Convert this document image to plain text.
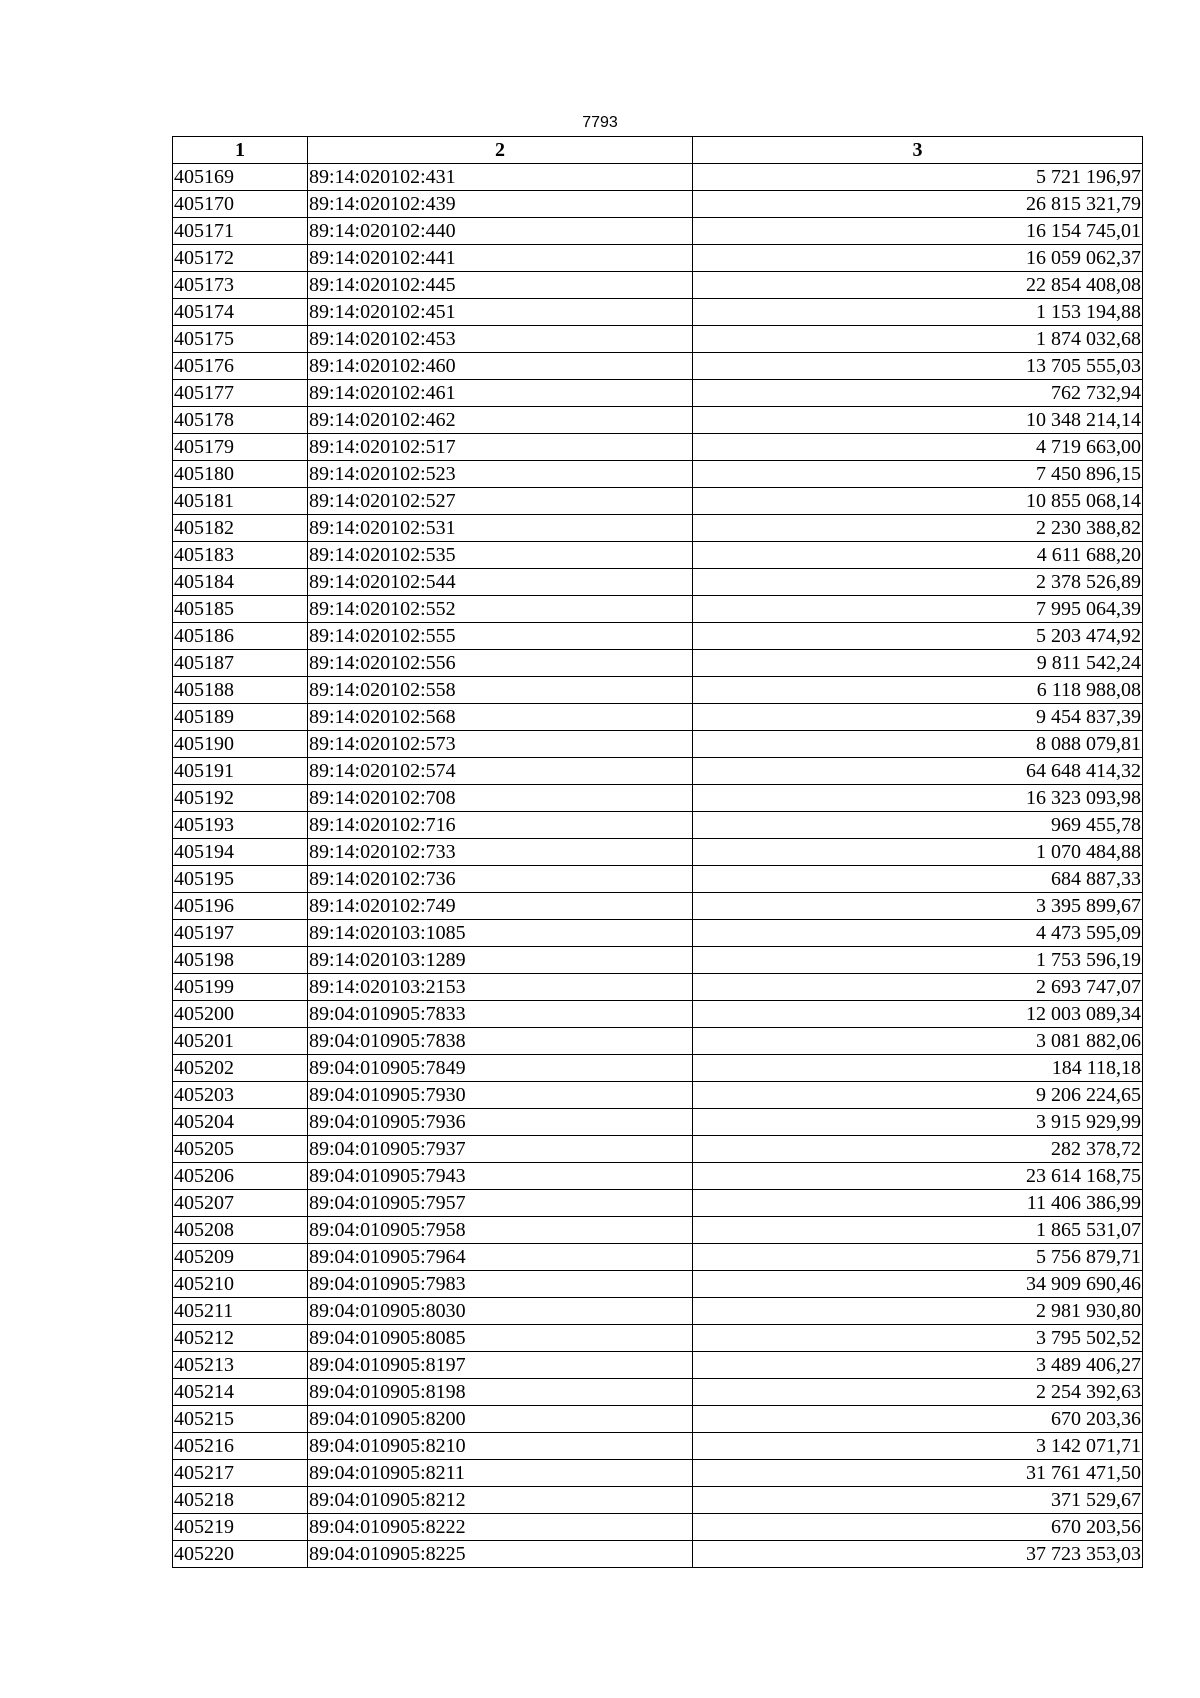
7793
1	2	3
405169	89:14:020102:431	5 721 196,97
405170	89:14:020102:439	26 815 321,79
405171	89:14:020102:440	16 154 745,01
405172	89:14:020102:441	16 059 062,37
405173	89:14:020102:445	22 854 408,08
405174	89:14:020102:451	1 153 194,88
405175	89:14:020102:453	1 874 032,68
405176	89:14:020102:460	13 705 555,03
405177	89:14:020102:461	762 732,94
405178	89:14:020102:462	10 348 214,14
405179	89:14:020102:517	4 719 663,00
405180	89:14:020102:523	7 450 896,15
405181	89:14:020102:527	10 855 068,14
405182	89:14:020102:531	2 230 388,82
405183	89:14:020102:535	4 611 688,20
405184	89:14:020102:544	2 378 526,89
405185	89:14:020102:552	7 995 064,39
405186	89:14:020102:555	5 203 474,92
405187	89:14:020102:556	9 811 542,24
405188	89:14:020102:558	6 118 988,08
405189	89:14:020102:568	9 454 837,39
405190	89:14:020102:573	8 088 079,81
405191	89:14:020102:574	64 648 414,32
405192	89:14:020102:708	16 323 093,98
405193	89:14:020102:716	969 455,78
405194	89:14:020102:733	1 070 484,88
405195	89:14:020102:736	684 887,33
405196	89:14:020102:749	3 395 899,67
405197	89:14:020103:1085	4 473 595,09
405198	89:14:020103:1289	1 753 596,19
405199	89:14:020103:2153	2 693 747,07
405200	89:04:010905:7833	12 003 089,34
405201	89:04:010905:7838	3 081 882,06
405202	89:04:010905:7849	184 118,18
405203	89:04:010905:7930	9 206 224,65
405204	89:04:010905:7936	3 915 929,99
405205	89:04:010905:7937	282 378,72
405206	89:04:010905:7943	23 614 168,75
405207	89:04:010905:7957	11 406 386,99
405208	89:04:010905:7958	1 865 531,07
405209	89:04:010905:7964	5 756 879,71
405210	89:04:010905:7983	34 909 690,46
405211	89:04:010905:8030	2 981 930,80
405212	89:04:010905:8085	3 795 502,52
405213	89:04:010905:8197	3 489 406,27
405214	89:04:010905:8198	2 254 392,63
405215	89:04:010905:8200	670 203,36
405216	89:04:010905:8210	3 142 071,71
405217	89:04:010905:8211	31 761 471,50
405218	89:04:010905:8212	371 529,67
405219	89:04:010905:8222	670 203,56
405220	89:04:010905:8225	37 723 353,03
